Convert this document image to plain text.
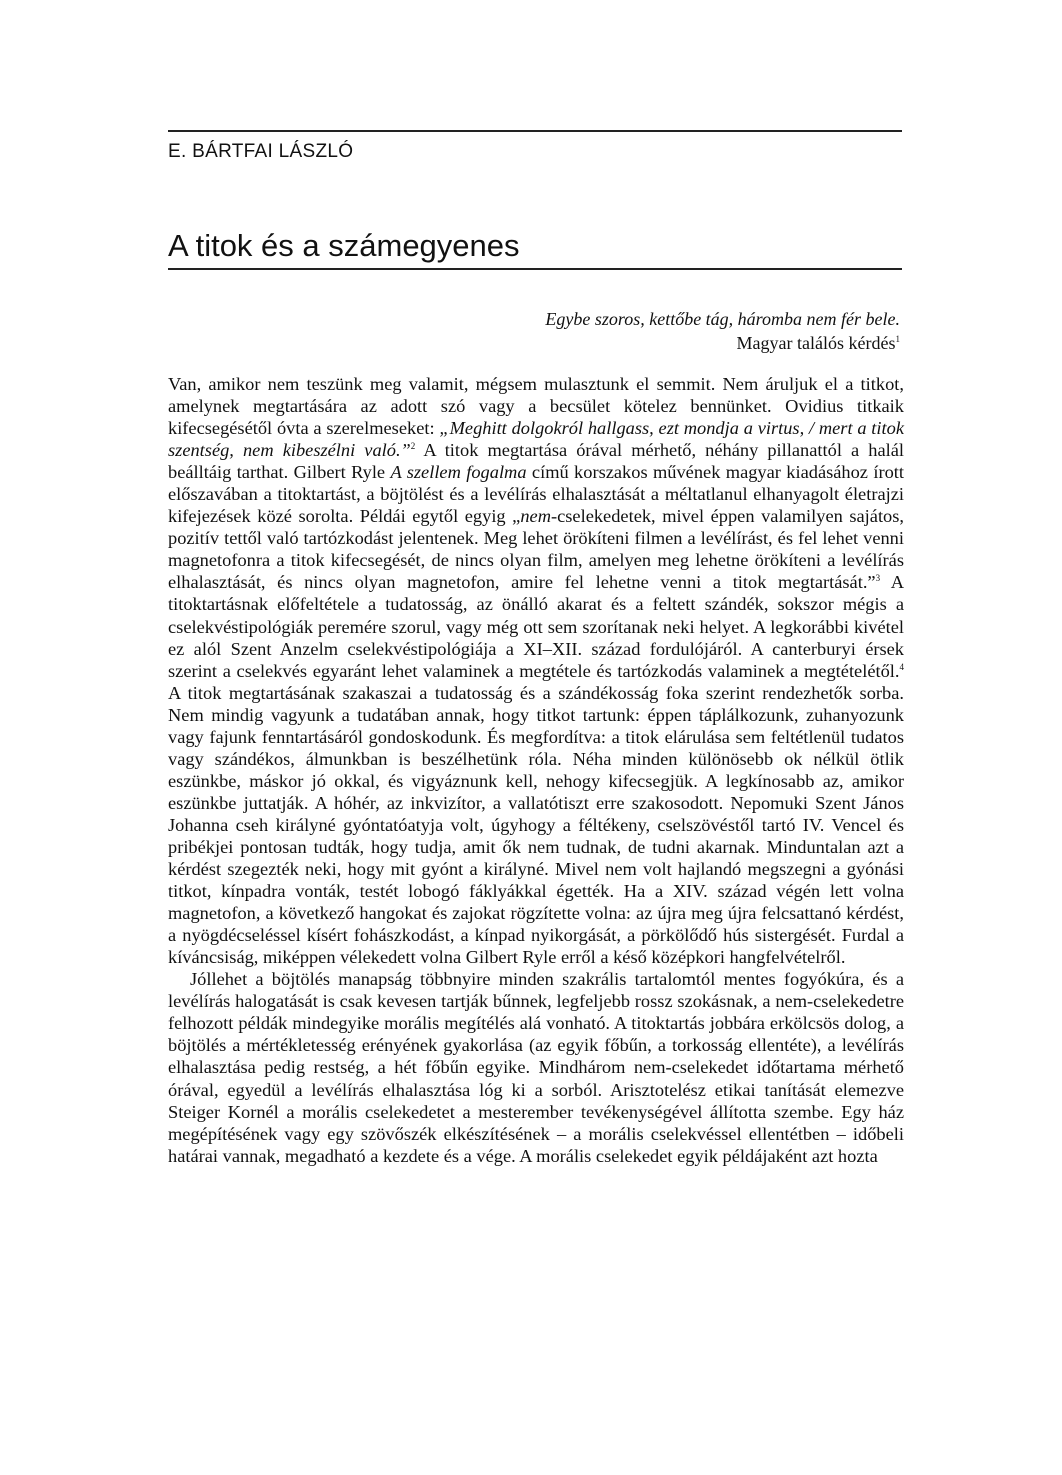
E. BÁRTFAI LÁSZLÓ
A titok és a számegyenes
Egybe szoros, kettőbe tág, háromba nem fér bele.
Magyar találós kérdés$^1$

Van, amikor nem teszünk meg valamit, mégsem mulasztunk el semmit. Nem áruljuk el a titkot, amelynek megtartására az adott szó vagy a becsület kötelez bennünket. Ovidius titkaik kifecsegésétől óvta a szerelmeseket: „Meghitt dolgokról hallgass, ezt mondja a virtus, / mert a titok szentség, nem kibeszélni való.”$^2$ A titok megtartása órával mérhető, néhány pillanattól a halál beálltáig tarthat. Gilbert Ryle A szellem fogalma című korszakos művének magyar kiadásához írott előszavában a titoktartást, a böjtölést és a levélírás elhalasztását a méltatlanul elhanyagolt életrajzi kifejezések közé sorolta. Példái egytől egyig „nem-cselekedetek, mivel éppen valamilyen sajátos, pozitív tettől való tartózkodást jelentenek. Meg lehet örökíteni filmen a levélírást, és fel lehet venni magnetofonra a titok kifecsegését, de nincs olyan film, amelyen meg lehetne örökíteni a levélírás elhalasztását, és nincs olyan magnetofon, amire fel lehetne venni a titok megtartását.”$^3$ A titoktartásnak előfeltétele a tudatosság, az önálló akarat és a feltett szándék, sokszor mégis a cselekvéstipológiák peremére szorul, vagy még ott sem szorítanak neki helyet. A legkorábbi kivétel ez alól Szent Anzelm cselekvéstipológiája a XI–XII. század fordulójáról. A canterburyi érsek szerint a cselekvés egyaránt lehet valaminek a megtétele és tartózkodás valaminek a megtételétől.$^4$ A titok megtartásának szakaszai a tudatosság és a szándékosság foka szerint rendezhetők sorba. Nem mindig vagyunk a tudatában annak, hogy titkot tartunk: éppen táplálkozunk, zuhanyozunk vagy fajunk fenntartásáról gondoskodunk. És megfordítva: a titok elárulása sem feltétlenül tudatos vagy szándékos, álmunkban is beszélhetünk róla. Néha minden különösebb ok nélkül ötlik eszünkbe, máskor jó okkal, és vigyáznunk kell, nehogy kifecsegjük. A legkínosabb az, amikor eszünkbe juttatják. A hóhér, az inkvizítor, a vallatótiszt erre szakosodott. Nepomuki Szent János Johanna cseh királyné gyóntatóatyja volt, úgyhogy a féltékeny, cselszövéstől tartó IV. Vencel és pribékjei pontosan tudták, hogy tudja, amit ők nem tudnak, de tudni akarnak. Minduntalan azt a kérdést szegezték neki, hogy mit gyónt a királyné. Mivel nem volt hajlandó megszegni a gyónási titkot, kínpadra vonták, testét lobogó fáklyákkal égették. Ha a XIV. század végén lett volna magnetofon, a következő hangokat és zajokat rögzítette volna: az újra meg újra felcsattanó kérdést, a nyögdécseléssel kísért fohászkodást, a kínpad nyikorgását, a pörkölődő hús sistergését. Furdal a kíváncsiság, miképpen vélekedett volna Gilbert Ryle erről a késő középkori hangfelvételről.

Jóllehet a böjtölés manapság többnyire minden szakrális tartalomtól mentes fogyókúra, és a levélírás halogatását is csak kevesen tartják bűnnek, legfeljebb rossz szokásnak, a nem-cselekedetre felhozott példák mindegyike morális megítélés alá vonható. A titoktartás jobbára erkölcsös dolog, a böjtölés a mértékletesség erényének gyakorlása (az egyik főbűn, a torkosság ellentéte), a levélírás elhalasztása pedig restség, a hét főbűn egyike. Mindhárom nem-cselekedet időtartama mérhető órával, egyedül a levélírás elhalasztása lóg ki a sorból. Arisztotelész etikai tanítását elemezve Steiger Kornél a morális cselekedetet a mesterember tevékenységével állította szembe. Egy ház megépítésének vagy egy szövőszék elkészítésének – a morális cselekvéssel ellentétben – időbeli határai vannak, megadható a kezdete és a vége. A morális cselekedet egyik példájaként azt hozta
